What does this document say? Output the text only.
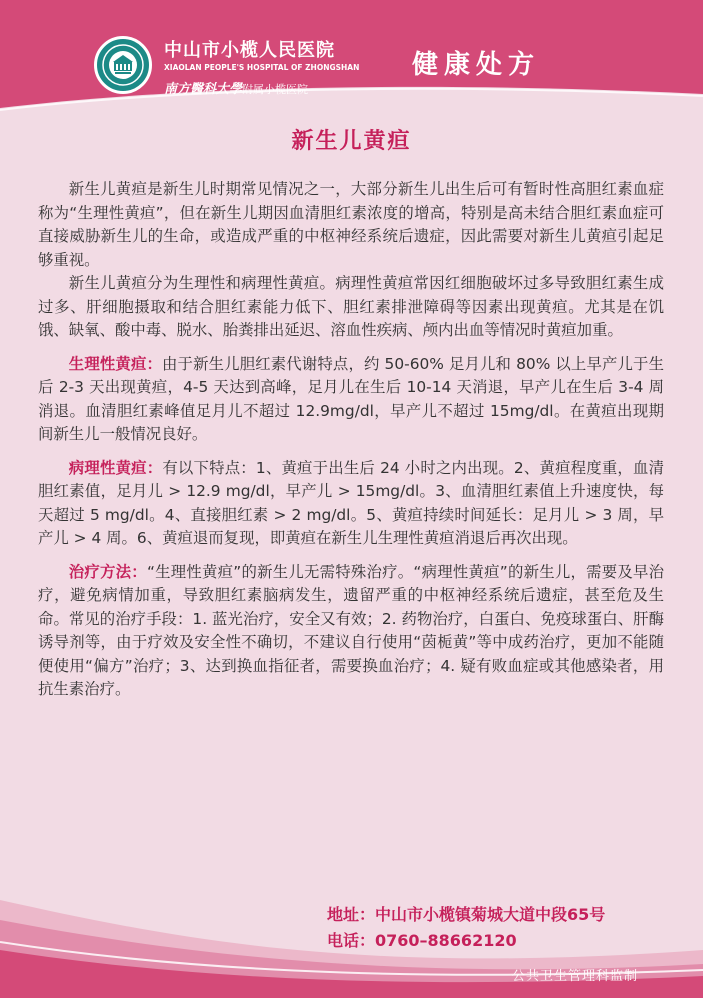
中山市小榄人民医院
XIAOLAN PEOPLE'S HOSPITAL OF ZHONGSHAN
南方醫科大學附属小榄医院
健康处方
新生儿黄疸

新生儿黄疸是新生儿时期常见情况之一，大部分新生儿出生后可有暂时性高胆红素血症称为“生理性黄疸”，但在新生儿期因血清胆红素浓度的增高，特别是高未结合胆红素血症可直接威胁新生儿的生命，或造成严重的中枢神经系统后遗症，因此需要对新生儿黄疸引起足够重视。

新生儿黄疸分为生理性和病理性黄疸。病理性黄疸常因红细胞破坏过多导致胆红素生成过多、肝细胞摄取和结合胆红素能力低下、胆红素排泄障碍等因素出现黄疸。尤其是在饥饿、缺氧、酸中毒、脱水、胎粪排出延迟、溶血性疾病、颅内出血等情况时黄疸加重。

生理性黄疸：由于新生儿胆红素代谢特点，约 50-60% 足月儿和 80% 以上早产儿于生后 2-3 天出现黄疸，4-5 天达到高峰，足月儿在生后 10-14 天消退，早产儿在生后 3-4 周消退。血清胆红素峰值足月儿不超过 12.9mg/dl，早产儿不超过 15mg/dl。在黄疸出现期间新生儿一般情况良好。

病理性黄疸：有以下特点：1、黄疸于出生后 24 小时之内出现。2、黄疸程度重，血清胆红素值，足月儿 > 12.9 mg/dl，早产儿 > 15mg/dl。3、血清胆红素值上升速度快，每天超过 5 mg/dl。4、直接胆红素 > 2 mg/dl。5、黄疸持续时间延长：足月儿 > 3 周，早产儿 > 4 周。6、黄疸退而复现，即黄疸在新生儿生理性黄疸消退后再次出现。

治疗方法：“生理性黄疸”的新生儿无需特殊治疗。“病理性黄疸”的新生儿，需要及早治疗，避免病情加重，导致胆红素脑病发生，遗留严重的中枢神经系统后遗症，甚至危及生命。常见的治疗手段：1. 蓝光治疗，安全又有效；2. 药物治疗，白蛋白、免疫球蛋白、肝酶诱导剂等，由于疗效及安全性不确切，不建议自行使用“茵栀黄”等中成药治疗，更加不能随便使用“偏方”治疗；3、达到换血指征者，需要换血治疗；4. 疑有败血症或其他感染者，用抗生素治疗。

地址：中山市小榄镇菊城大道中段65号
电话：0760–88662120
公共卫生管理科监制
